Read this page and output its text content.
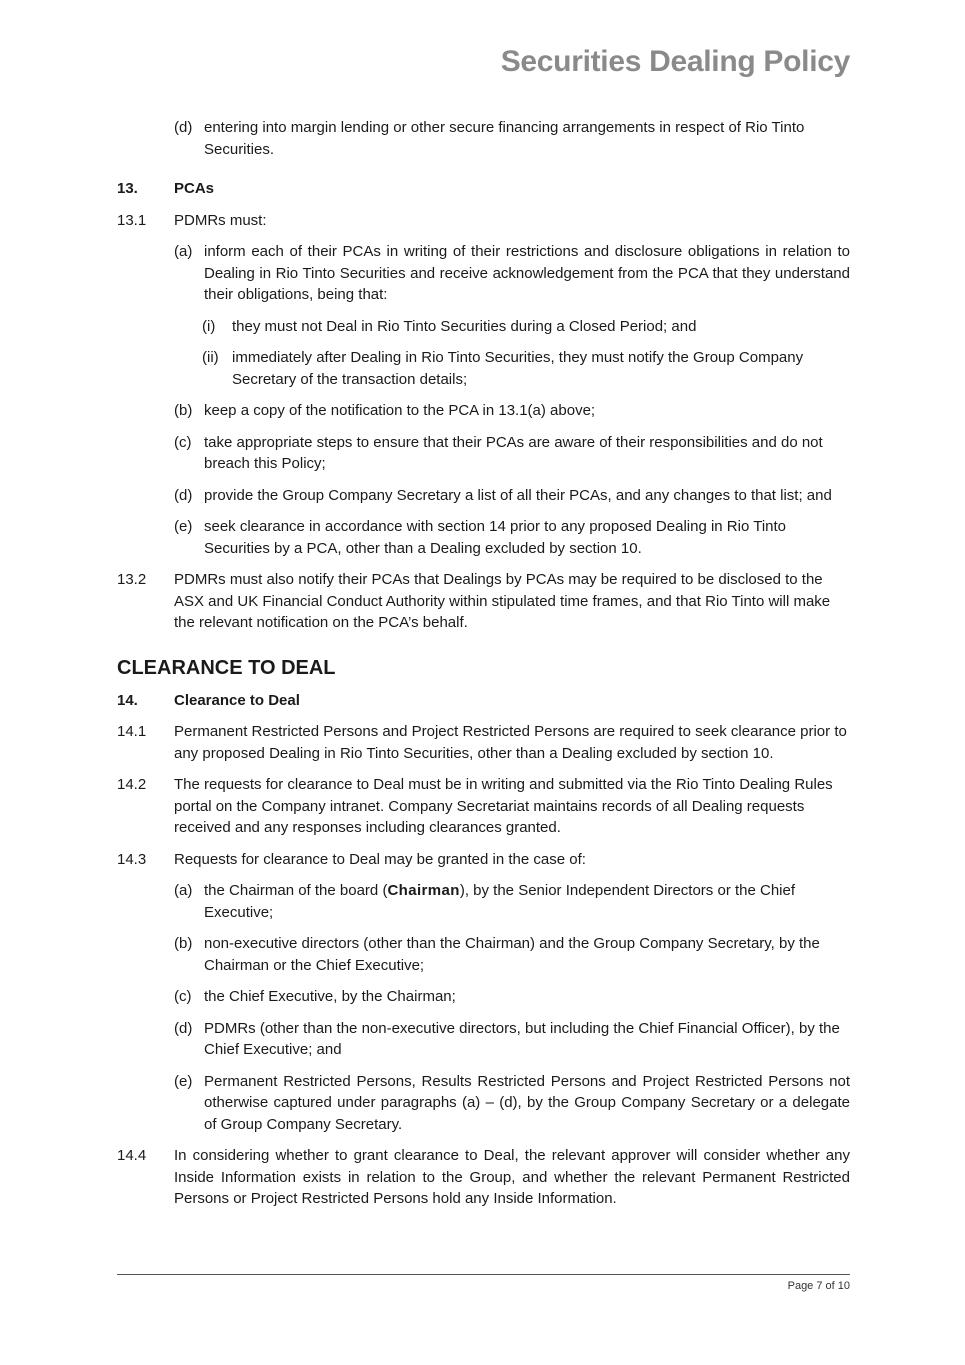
Securities Dealing Policy
(d) entering into margin lending or other secure financing arrangements in respect of Rio Tinto Securities.
13. PCAs
13.1 PDMRs must:
(a) inform each of their PCAs in writing of their restrictions and disclosure obligations in relation to Dealing in Rio Tinto Securities and receive acknowledgement from the PCA that they understand their obligations, being that:
(i) they must not Deal in Rio Tinto Securities during a Closed Period; and
(ii) immediately after Dealing in Rio Tinto Securities, they must notify the Group Company Secretary of the transaction details;
(b) keep a copy of the notification to the PCA in 13.1(a) above;
(c) take appropriate steps to ensure that their PCAs are aware of their responsibilities and do not breach this Policy;
(d) provide the Group Company Secretary a list of all their PCAs, and any changes to that list; and
(e) seek clearance in accordance with section 14 prior to any proposed Dealing in Rio Tinto Securities by a PCA, other than a Dealing excluded by section 10.
13.2 PDMRs must also notify their PCAs that Dealings by PCAs may be required to be disclosed to the ASX and UK Financial Conduct Authority within stipulated time frames, and that Rio Tinto will make the relevant notification on the PCA’s behalf.
CLEARANCE TO DEAL
14. Clearance to Deal
14.1 Permanent Restricted Persons and Project Restricted Persons are required to seek clearance prior to any proposed Dealing in Rio Tinto Securities, other than a Dealing excluded by section 10.
14.2 The requests for clearance to Deal must be in writing and submitted via the Rio Tinto Dealing Rules portal on the Company intranet. Company Secretariat maintains records of all Dealing requests received and any responses including clearances granted.
14.3 Requests for clearance to Deal may be granted in the case of:
(a) the Chairman of the board (Chairman), by the Senior Independent Directors or the Chief Executive;
(b) non-executive directors (other than the Chairman) and the Group Company Secretary, by the Chairman or the Chief Executive;
(c) the Chief Executive, by the Chairman;
(d) PDMRs (other than the non-executive directors, but including the Chief Financial Officer), by the Chief Executive; and
(e) Permanent Restricted Persons, Results Restricted Persons and Project Restricted Persons not otherwise captured under paragraphs (a) – (d), by the Group Company Secretary or a delegate of Group Company Secretary.
14.4 In considering whether to grant clearance to Deal, the relevant approver will consider whether any Inside Information exists in relation to the Group, and whether the relevant Permanent Restricted Persons or Project Restricted Persons hold any Inside Information.
Page 7 of 10
